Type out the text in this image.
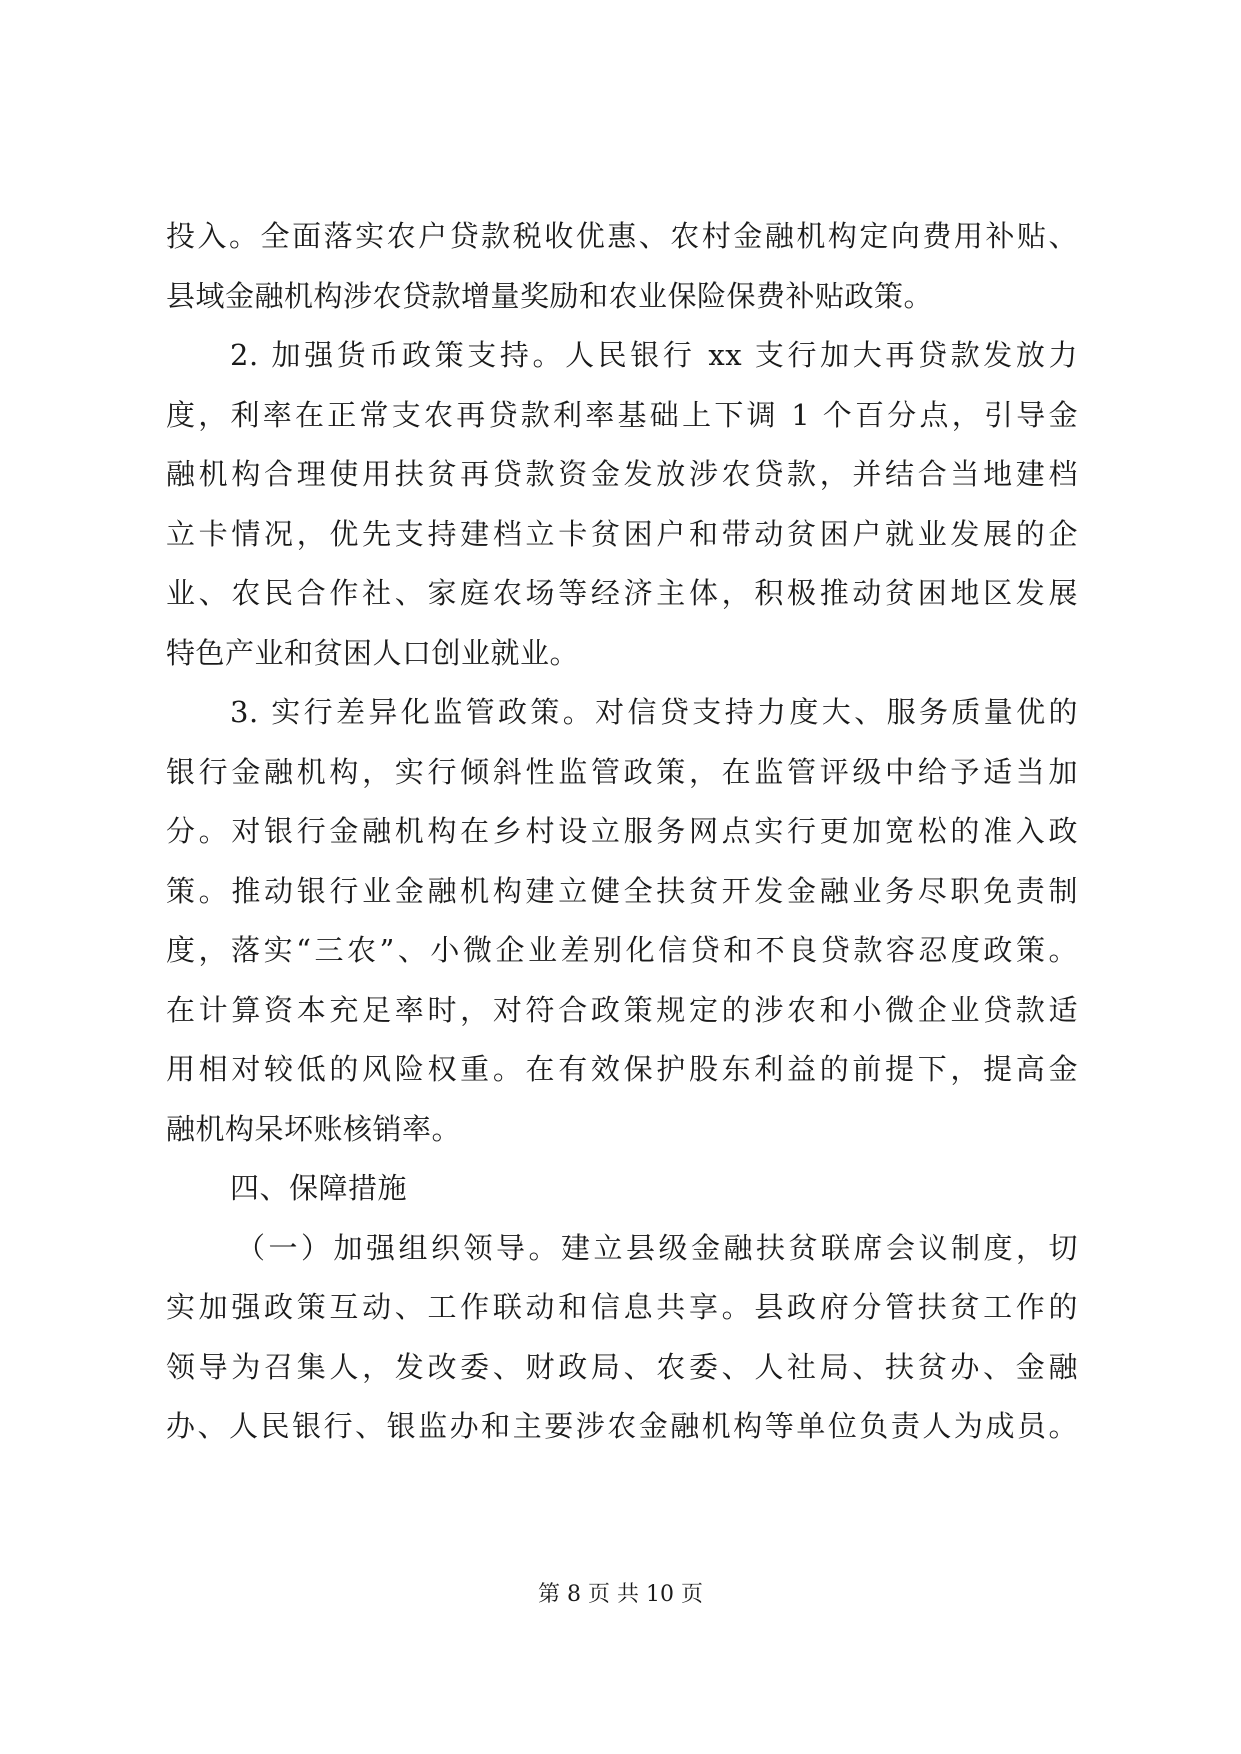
投入。全面落实农户贷款税收优惠、农村金融机构定向费用补贴、
县域金融机构涉农贷款增量奖励和农业保险保费补贴政策。
2. 加强货币政策支持。人民银行 xx 支行加大再贷款发放力
度，利率在正常支农再贷款利率基础上下调 1 个百分点，引导金
融机构合理使用扶贫再贷款资金发放涉农贷款，并结合当地建档
立卡情况，优先支持建档立卡贫困户和带动贫困户就业发展的企
业、农民合作社、家庭农场等经济主体，积极推动贫困地区发展
特色产业和贫困人口创业就业。
3. 实行差异化监管政策。对信贷支持力度大、服务质量优的
银行金融机构，实行倾斜性监管政策，在监管评级中给予适当加
分。对银行金融机构在乡村设立服务网点实行更加宽松的准入政
策。推动银行业金融机构建立健全扶贫开发金融业务尽职免责制
度，落实“三农”、小微企业差别化信贷和不良贷款容忍度政策。
在计算资本充足率时，对符合政策规定的涉农和小微企业贷款适
用相对较低的风险权重。在有效保护股东利益的前提下，提高金
融机构呆坏账核销率。
四、保障措施
（一）加强组织领导。建立县级金融扶贫联席会议制度，切
实加强政策互动、工作联动和信息共享。县政府分管扶贫工作的
领导为召集人，发改委、财政局、农委、人社局、扶贫办、金融
办、人民银行、银监办和主要涉农金融机构等单位负责人为成员。
第 8 页 共 10 页
